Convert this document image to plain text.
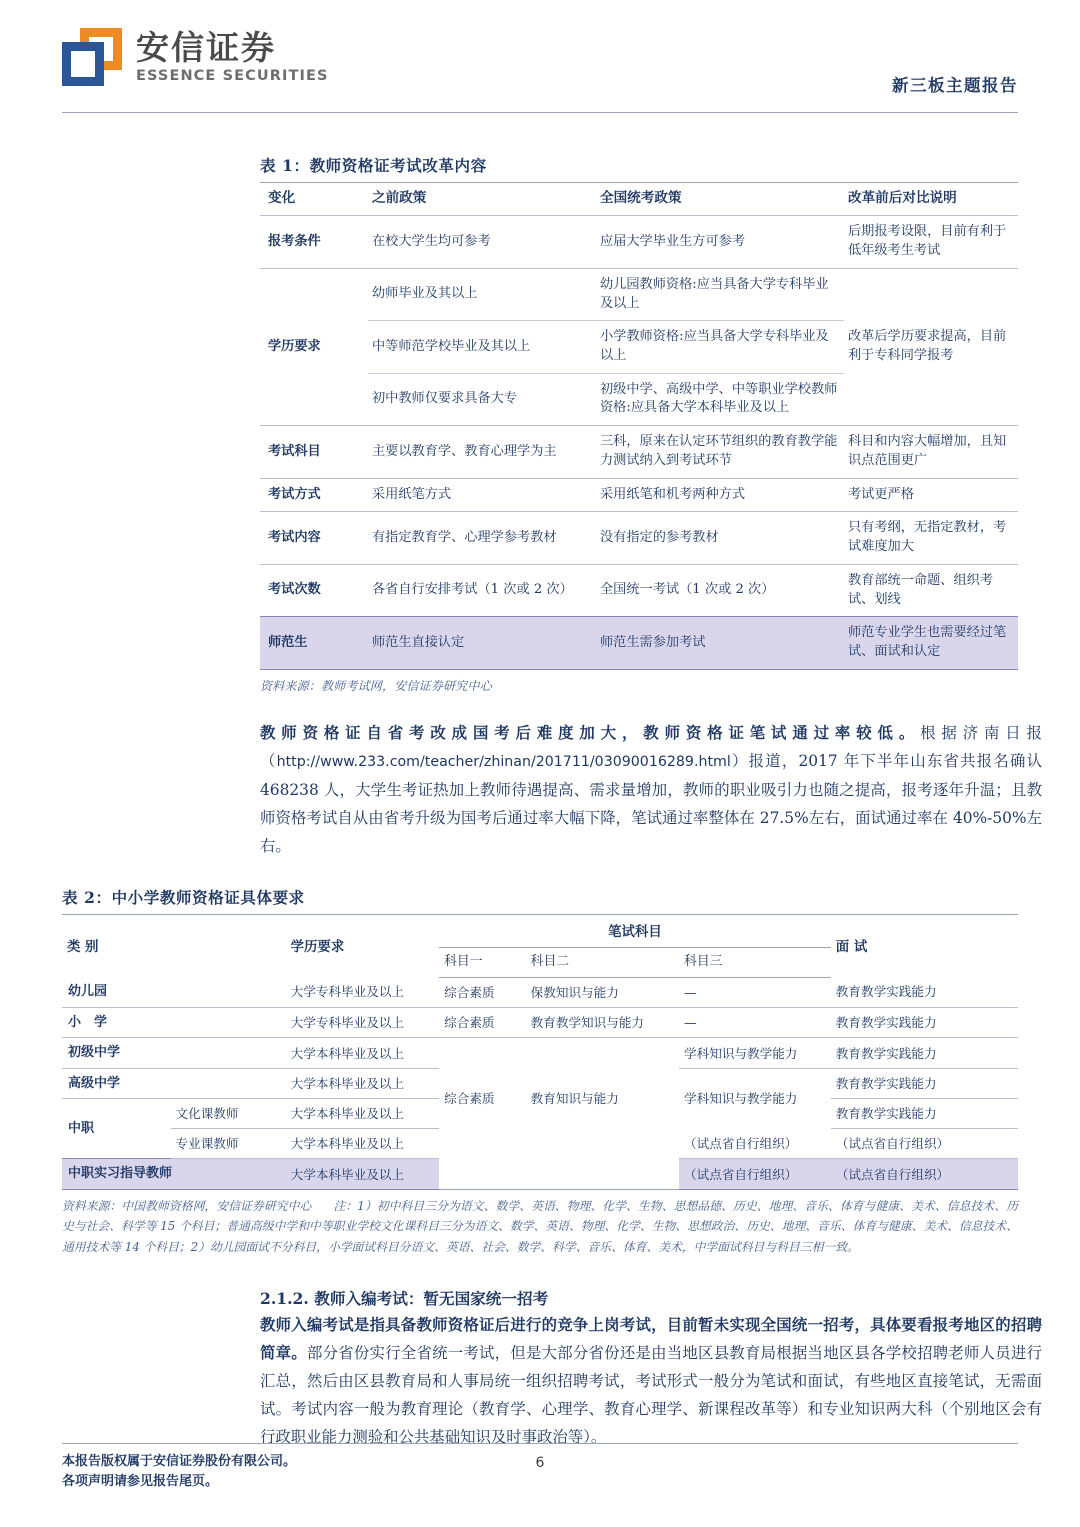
安信证券
ESSENCE SECURITIES	新三板主题报告
表 1：教师资格证考试改革内容
变化	之前政策	全国统考政策	改革前后对比说明
报考条件	在校大学生均可参考	应届大学毕业生方可参考	后期报考设限，目前有利于低年级考生考试
学历要求	幼师毕业及其以上	幼儿园教师资格:应当具备大学专科毕业及以上	改革后学历要求提高，目前利于专科同学报考
	中等师范学校毕业及其以上	小学教师资格:应当具备大学专科毕业及以上	
	初中教师仅要求具备大专	初级中学、高级中学、中等职业学校教师资格:应具备大学本科毕业及以上	
考试科目	主要以教育学、教育心理学为主	三科，原来在认定环节组织的教育教学能力测试纳入到考试环节	科目和内容大幅增加，且知识点范围更广
考试方式	采用纸笔方式	采用纸笔和机考两种方式	考试更严格
考试内容	有指定教育学、心理学参考教材	没有指定的参考教材	只有考纲，无指定教材，考试难度加大
考试次数	各省自行安排考试（1 次或 2 次）	全国统一考试（1 次或 2 次）	教育部统一命题、组织考试、划线
师范生	师范生直接认定	师范生需参加考试	师范专业学生也需要经过笔试、面试和认定
资料来源：教师考试网，安信证券研究中心
教师资格证自省考改成国考后难度加大，教师资格证笔试通过率较低。根据济南日报（http://www.233.com/teacher/zhinan/201711/03090016289.html）报道，2017 年下半年山东省共报名确认 468238 人，大学生考证热加上教师待遇提高、需求量增加，教师的职业吸引力也随之提高，报考逐年升温；且教师资格考试自从由省考升级为国考后通过率大幅下降，笔试通过率整体在 27.5%左右，面试通过率在 40%-50%左右。
表 2：中小学教师资格证具体要求
类 别		学历要求	笔试科目			面 试
			科目一	科目二	科目三	
幼儿园		大学专科毕业及以上	综合素质	保教知识与能力	—	教育教学实践能力
小　学		大学专科毕业及以上	综合素质	教育教学知识与能力	—	教育教学实践能力
初级中学		大学本科毕业及以上	综合素质	教育知识与能力	学科知识与教学能力	教育教学实践能力
高级中学		大学本科毕业及以上			学科知识与教学能力	教育教学实践能力
中职	文化课教师	大学本科毕业及以上				教育教学实践能力
	专业课教师	大学本科毕业及以上			（试点省自行组织）	（试点省自行组织）
中职实习指导教师		大学本科毕业及以上			（试点省自行组织）	（试点省自行组织）
资料来源：中国教师资格网，安信证券研究中心 注：1）初中科目三分为语文、数学、英语、物理、化学、生物、思想品德、历史、地理、音乐、体育与健康、美术、信息技术、历史与社会、科学等 15 个科目；普通高级中学和中等职业学校文化课科目三分为语文、数学、英语、物理、化学、生物、思想政治、历史、地理、音乐、体育与健康、美术、信息技术、通用技术等 14 个科目；2）幼儿园面试不分科目，小学面试科目分语文、英语、社会、数学、科学、音乐、体育、美术，中学面试科目与科目三相一致。
2.1.2. 教师入编考试：暂无国家统一招考
教师入编考试是指具备教师资格证后进行的竞争上岗考试，目前暂未实现全国统一招考，具体要看报考地区的招聘简章。部分省份实行全省统一考试，但是大部分省份还是由当地区县教育局根据当地区县各学校招聘老师人员进行汇总，然后由区县教育局和人事局统一组织招聘考试，考试形式一般分为笔试和面试，有些地区直接笔试，无需面试。考试内容一般为教育理论（教育学、心理学、教育心理学、新课程改革等）和专业知识两大科（个别地区会有行政职业能力测验和公共基础知识及时事政治等）。
本报告版权属于安信证券股份有限公司。
各项声明请参见报告尾页。
6
